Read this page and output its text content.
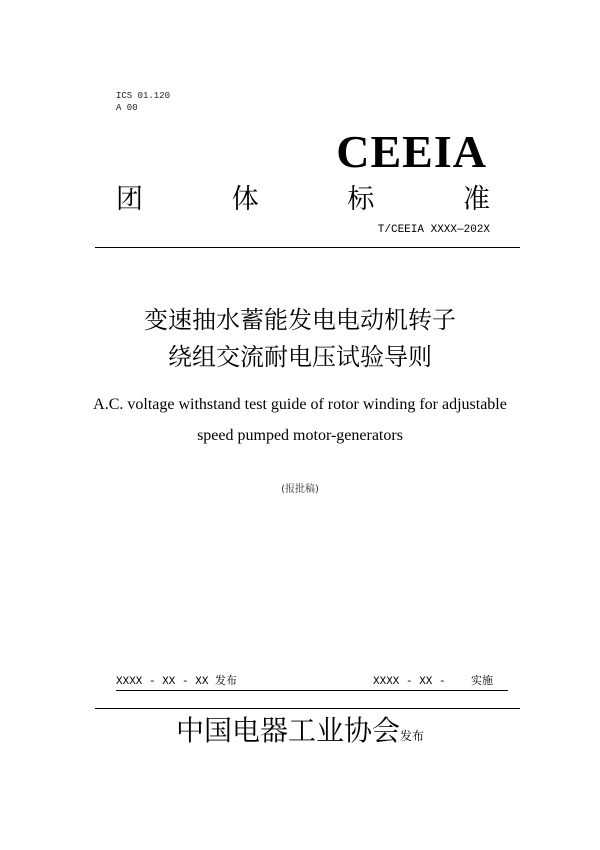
ICS 01.120
A 00
CEEIA
团	体	标	准
T/CEEIA XXXX—202X
变速抽水蓄能发电电动机转子
绕组交流耐电压试验导则
A.C. voltage withstand test guide of rotor winding for adjustable
speed pumped motor-generators
(报批稿)
XXXX - XX - XX 发布	XXXX - XX - 实施
中国电器工业协会发布
